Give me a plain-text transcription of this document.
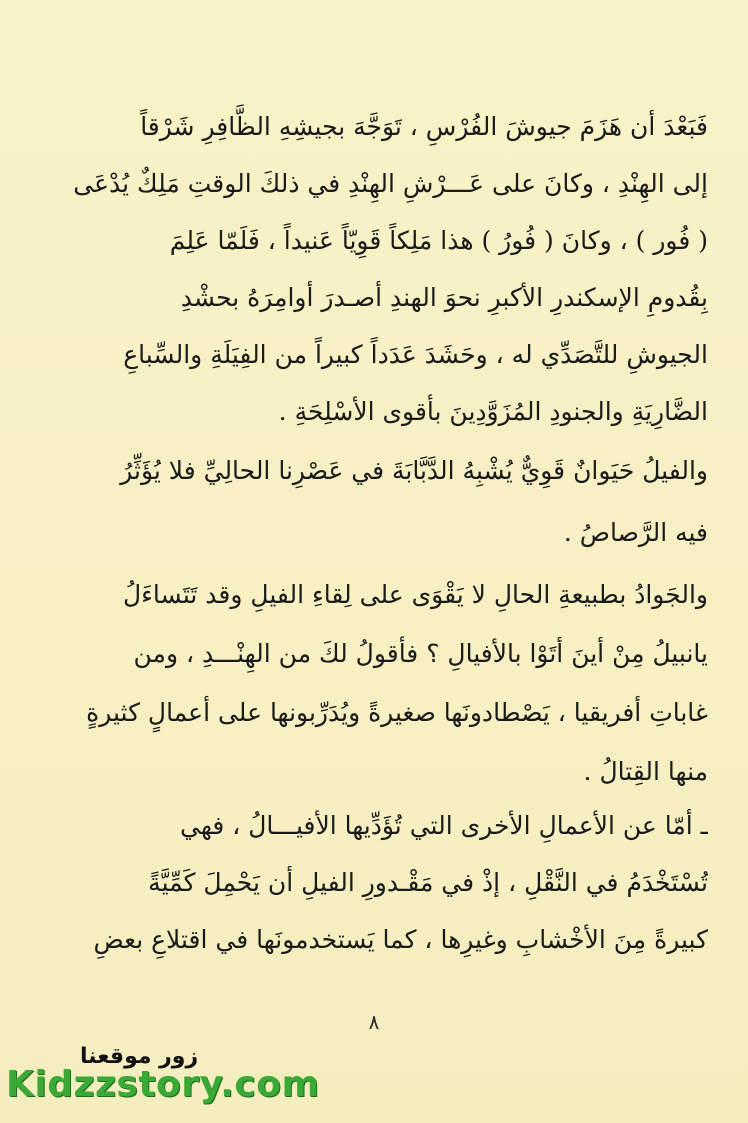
فَبَعْدَ أن هَزَمَ جيوشَ الفُرْسِ ، تَوَجَّهَ بجيشِهِ الظَّافِرِ شَرْقاً
إلى الهِنْدِ ، وكانَ على عَـــرْشِ الهِنْدِ في ذلكَ الوقتِ مَلِكٌ يُدْعَى
( فُور ) ، وكانَ ( فُورُ ) هذا مَلِكاً قَوِيّاً عَنيداً ، فَلَمّا عَلِمَ
بِقُدومِ الإسكندرِ الأكبرِ نحوَ الهندِ أصـدرَ أوامِرَهُ بحشْدِ
الجيوشِ للتَّصَدِّي له ، وحَشَدَ عَدَداً كبيراً من الفِيَلَةِ والسِّباعِ
الضَّارِيَةِ والجنودِ المُزَوَّدِينَ بأقوى الأسْلِحَةِ .
والفيلُ حَيَوانٌ قَوِيٌّ يُشْبِهُ الدَّبَّابَةَ في عَصْرِنا الحالِيِّ فلا يُؤَثِّرُ
فيه الرَّصاصُ .
والجَوادُ بطبيعةِ الحالِ لا يَقْوَى على لِقاءِ الفيلِ وقد تَتَساءَلُ
يانبيلُ مِنْ أينَ أتَوْا بالأفيالِ ؟ فأقولُ لكَ من الهِنْـــدِ ، ومن
غاباتِ أفريقيا ، يَصْطادونَها صغيرةً ويُدَرِّبونها على أعمالٍ كثيرةٍ
منها القِتالُ .
ـ أمّا عن الأعمالِ الأخرى التي تُؤَدِّيها الأفيـــالُ ، فهي
تُسْتَخْدَمُ في النَّقْلِ ، إذْ في مَقْـدورِ الفيلِ أن يَحْمِلَ كَمِّيَّةً
كبيرةً مِنَ الأخْشابِ وغيرِها ، كما يَستخدمونَها في اقتلاعِ بعضِ
٨
زور موقعنا
Kidzzstory.com
